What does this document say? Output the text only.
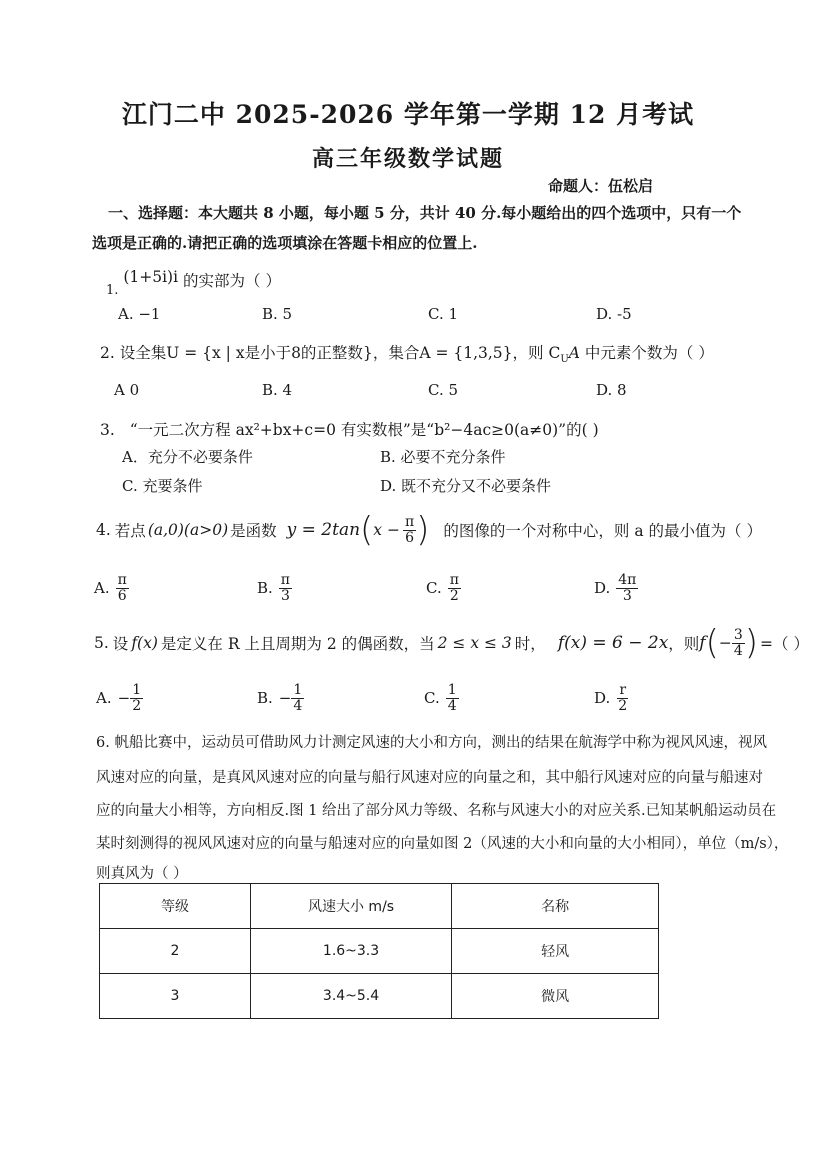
江门二中 2025-2026 学年第一学期 12 月考试
高三年级数学试题
命题人：伍松启
一、选择题：本大题共 8 小题，每小题 5 分，共计 40 分.每小题给出的四个选项中，只有一个
选项是正确的.请把正确的选项填涂在答题卡相应的位置上.
$_{1.}$ (1+5i)i 的实部为（ ）
A. −1	B. 5	C. 1	D. -5
2. 设全集U = {x | x是小于8的正整数}，集合A = {1,3,5}，则 $C_UA$ 中元素个数为（ ）
A 0	B. 4	C. 5	D. 8
3. “一元二次方程 ax²+bx+c=0 有实数根”是“b²−4ac≥0(a≠0)”的( )
A．充分不必要条件	B. 必要不充分条件
C. 充要条件	D. 既不充分又不必要条件
4. 若点 (a,0)(a>0) 是函数 y = 2tan ( $x - \frac{\pi}{6}$ ) 的图像的一个对称中心，则 a 的最小值为（ ）
A. $\frac{\pi}{6}$	B. $\frac{\pi}{3}$	C. $\frac{\pi}{2}$	D. $\frac{4\pi}{3}$
5. 设 f(x) 是定义在 R 上且周期为 2 的偶函数，当 2 ≤ x ≤ 3 时， f(x) = 6 − 2x ，则 f ( − $\frac{3}{4}$ ) =（ ）
A. − $\frac{1}{2}$	B. − $\frac{1}{4}$	C. $\frac{1}{4}$	D. $\frac{r}{2}$
6. 帆船比赛中，运动员可借助风力计测定风速的大小和方向，测出的结果在航海学中称为视风风速，视风
风速对应的向量，是真风风速对应的向量与船行风速对应的向量之和，其中船行风速对应的向量与船速对
应的向量大小相等，方向相反.图 1 给出了部分风力等级、名称与风速大小的对应关系.已知某帆船运动员在
某时刻测得的视风风速对应的向量与船速对应的向量如图 2（风速的大小和向量的大小相同），单位（m/s），
则真风为（ ）
等级	风速大小 m/s	名称
2	1.6~3.3	轻风
3	3.4~5.4	微风
